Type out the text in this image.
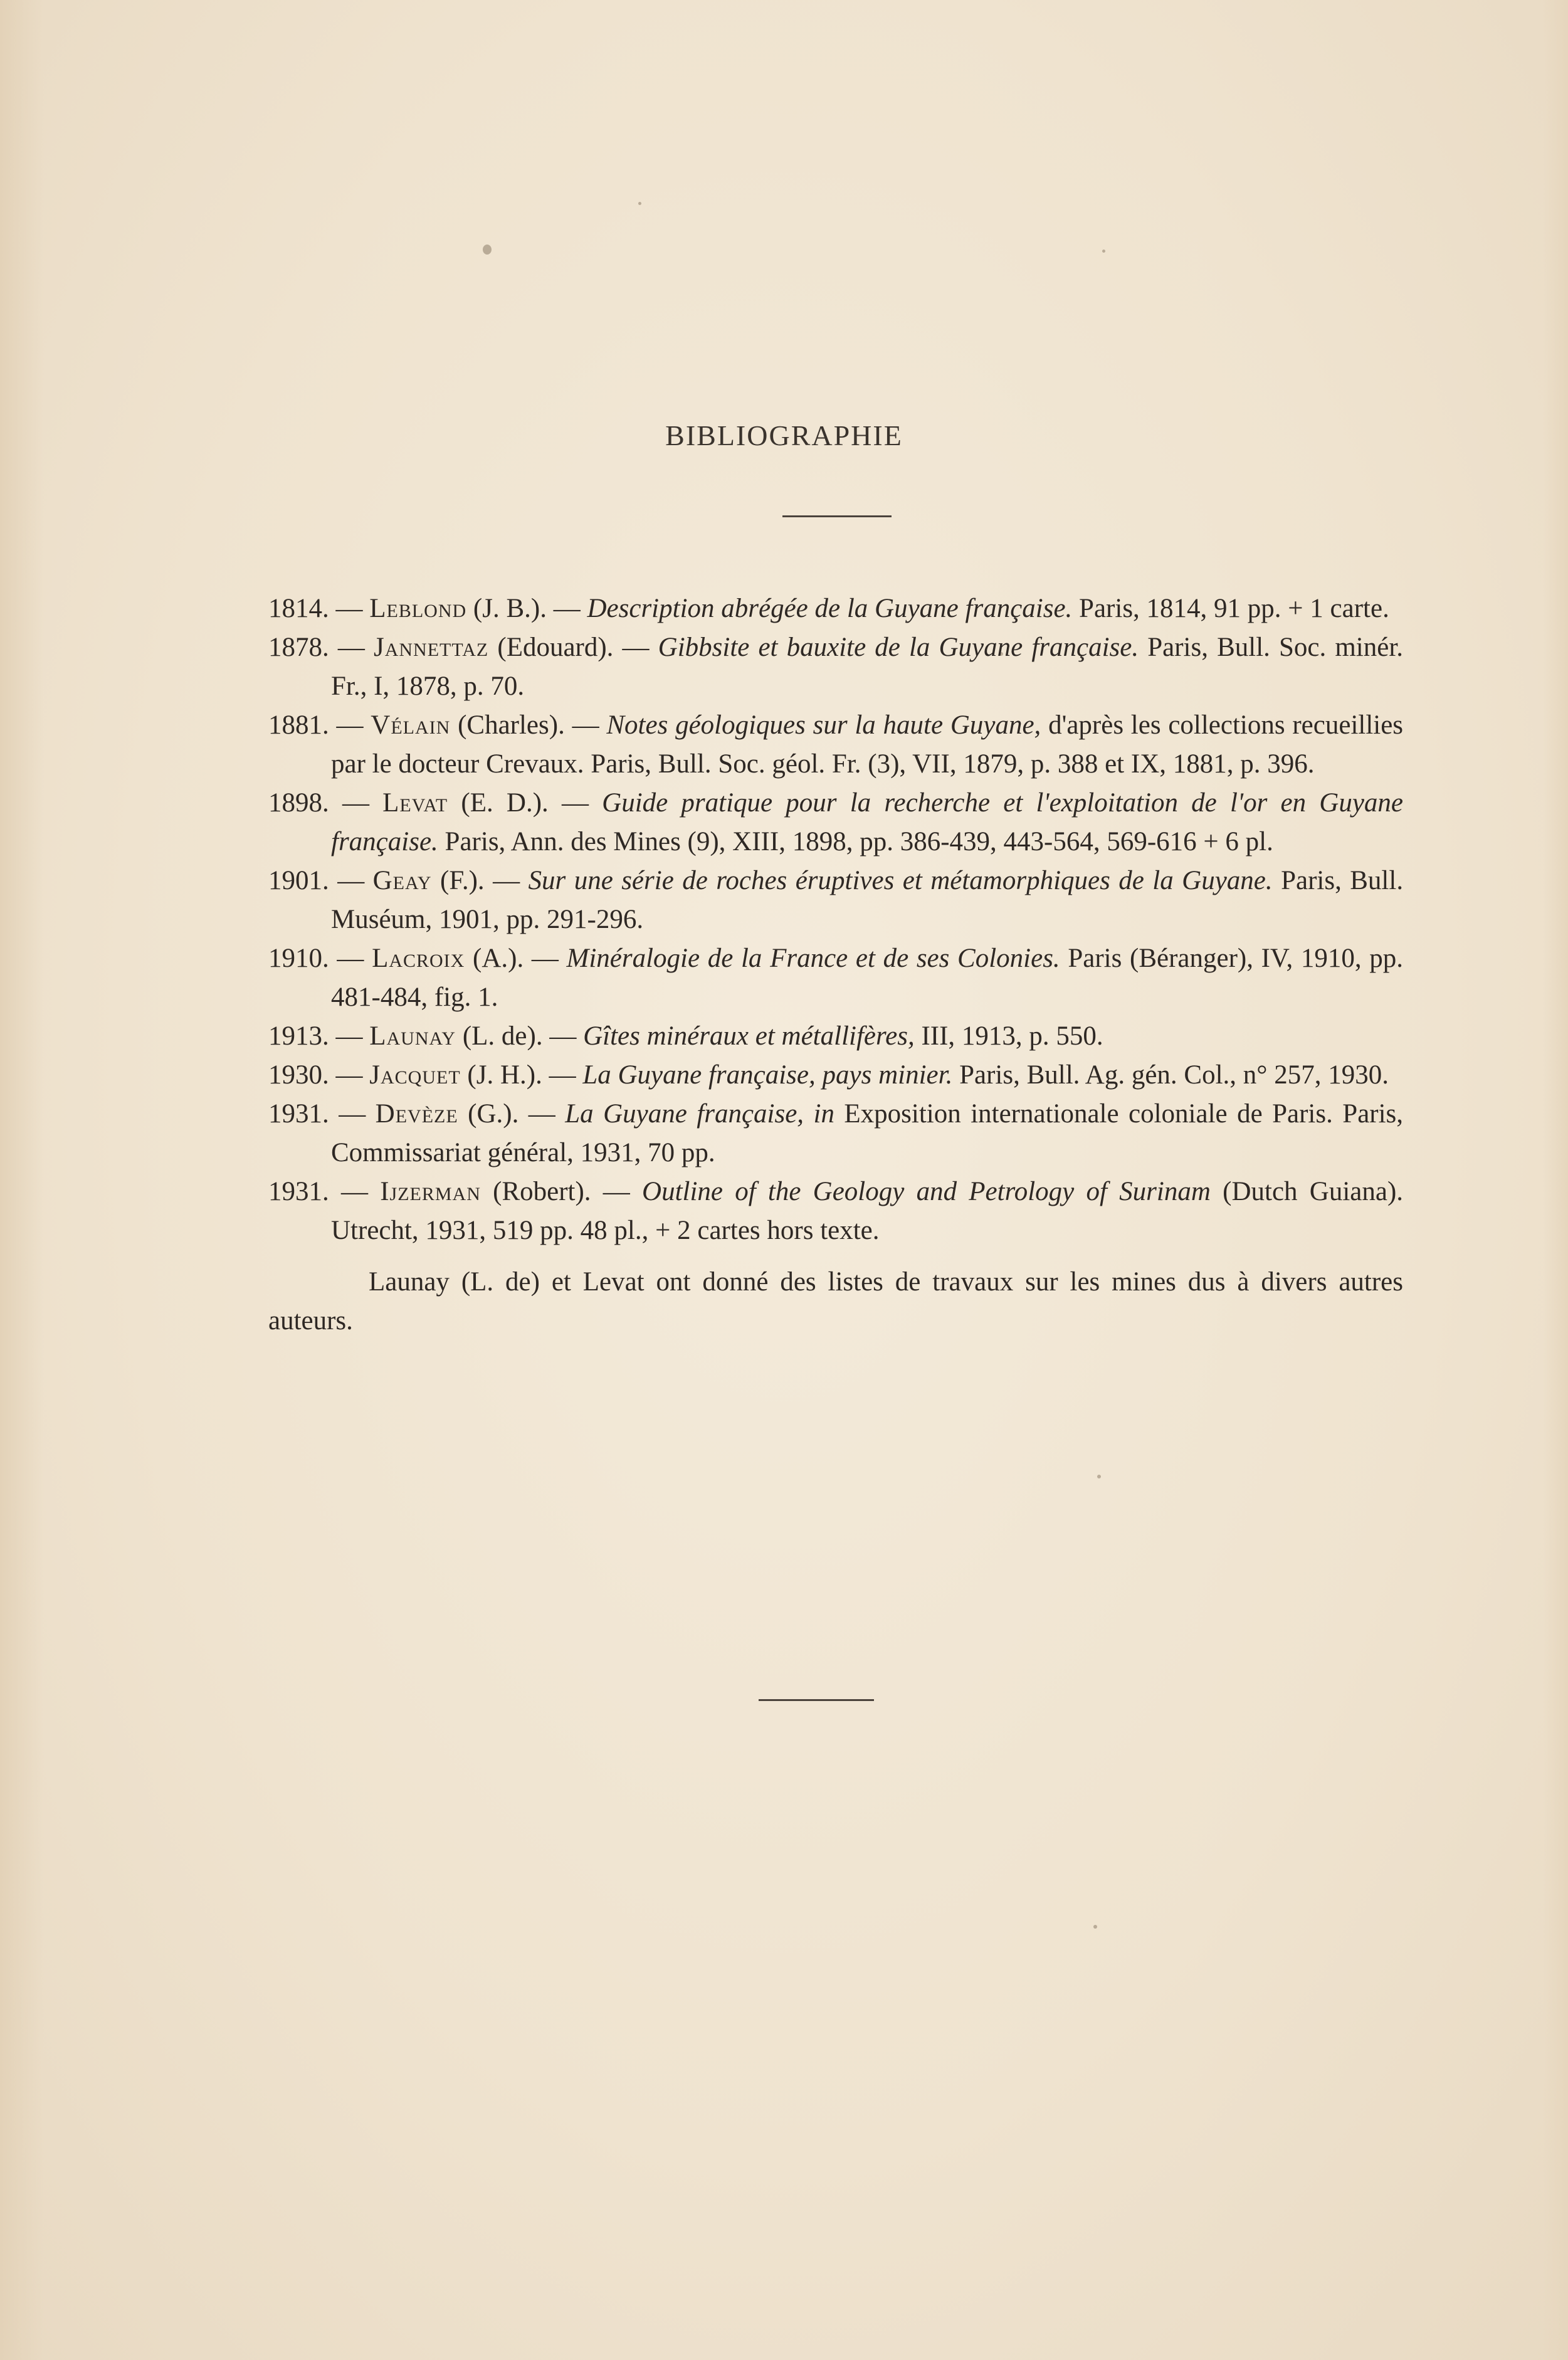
BIBLIOGRAPHIE

1814. — Leblond (J. B.). — Description abrégée de la Guyane française. Paris, 1814, 91 pp. + 1 carte.

1878. — Jannettaz (Edouard). — Gibbsite et bauxite de la Guyane française. Paris, Bull. Soc. minér. Fr., I, 1878, p. 70.

1881. — Vélain (Charles). — Notes géologiques sur la haute Guyane, d'après les collections recueillies par le docteur Crevaux. Paris, Bull. Soc. géol. Fr. (3), VII, 1879, p. 388 et IX, 1881, p. 396.

1898. — Levat (E. D.). — Guide pratique pour la recherche et l'exploitation de l'or en Guyane française. Paris, Ann. des Mines (9), XIII, 1898, pp. 386-439, 443-564, 569-616 + 6 pl.

1901. — Geay (F.). — Sur une série de roches éruptives et métamorphiques de la Guyane. Paris, Bull. Muséum, 1901, pp. 291-296.

1910. — Lacroix (A.). — Minéralogie de la France et de ses Colonies. Paris (Béranger), IV, 1910, pp. 481-484, fig. 1.

1913. — Launay (L. de). — Gîtes minéraux et métallifères, III, 1913, p. 550.

1930. — Jacquet (J. H.). — La Guyane française, pays minier. Paris, Bull. Ag. gén. Col., n° 257, 1930.

1931. — Devèze (G.). — La Guyane française, in Exposition internationale coloniale de Paris. Paris, Commissariat général, 1931, 70 pp.

1931. — Ijzerman (Robert). — Outline of the Geology and Petrology of Surinam (Dutch Guiana). Utrecht, 1931, 519 pp. 48 pl., + 2 cartes hors texte.

Launay (L. de) et Levat ont donné des listes de travaux sur les mines dus à divers autres auteurs.
